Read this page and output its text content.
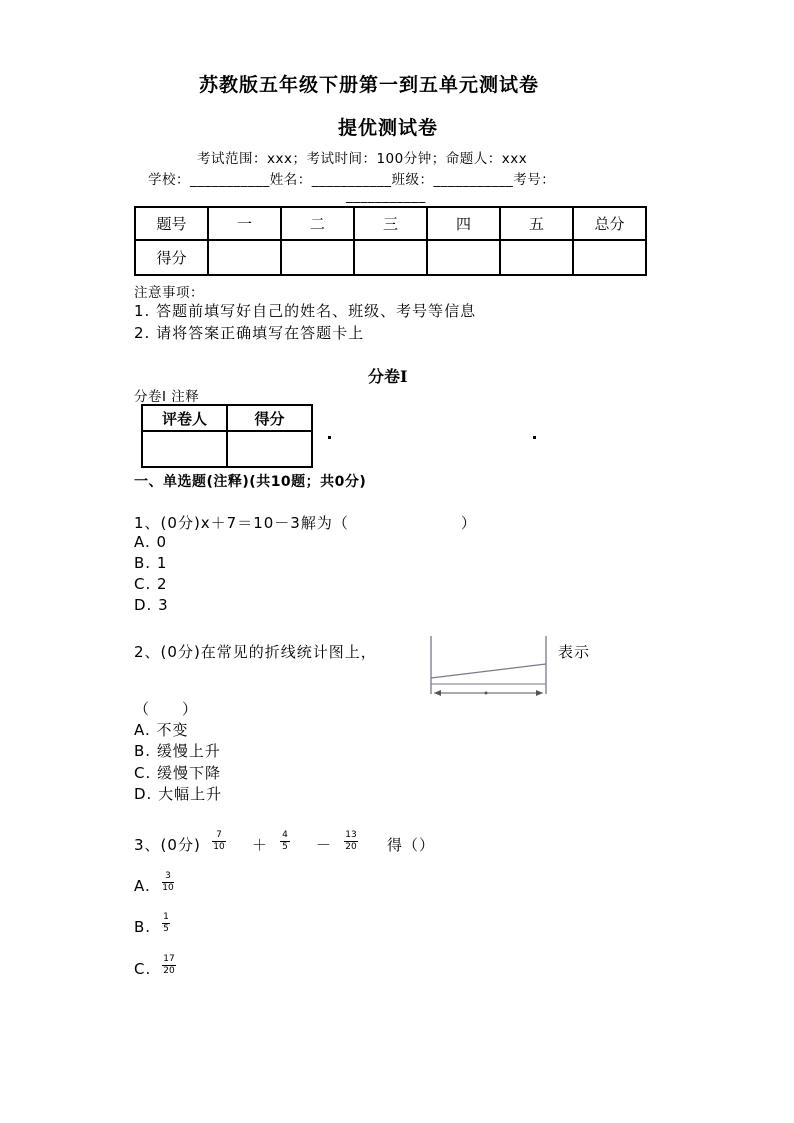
苏教版五年级下册第一到五单元测试卷
提优测试卷
考试范围：xxx；考试时间：100分钟；命题人：xxx
学校：___________姓名：___________班级：___________考号：
___________
题号	一	二	三	四	五	总分
得分						
注意事项：
1. 答题前填写好自己的姓名、班级、考号等信息
2. 请将答案正确填写在答题卡上
分卷I
分卷I 注释
评卷人	得分

一、单选题(注释)(共10题；共0分)
1、(0分)x＋7＝10－3解为（　　　　　　　）
A. 0
B. 1
C. 2
D. 3
2、(0分)在常见的折线统计图上，	表示
（　　）
A. 不变
B. 缓慢上升
C. 缓慢下降
D. 大幅上升
3、(0分) $\frac{7}{10} + \frac{4}{5} - \frac{13}{20}$ 得（）
A. $\frac{3}{10}$
B. $\frac{1}{5}$
C. $\frac{17}{20}$
